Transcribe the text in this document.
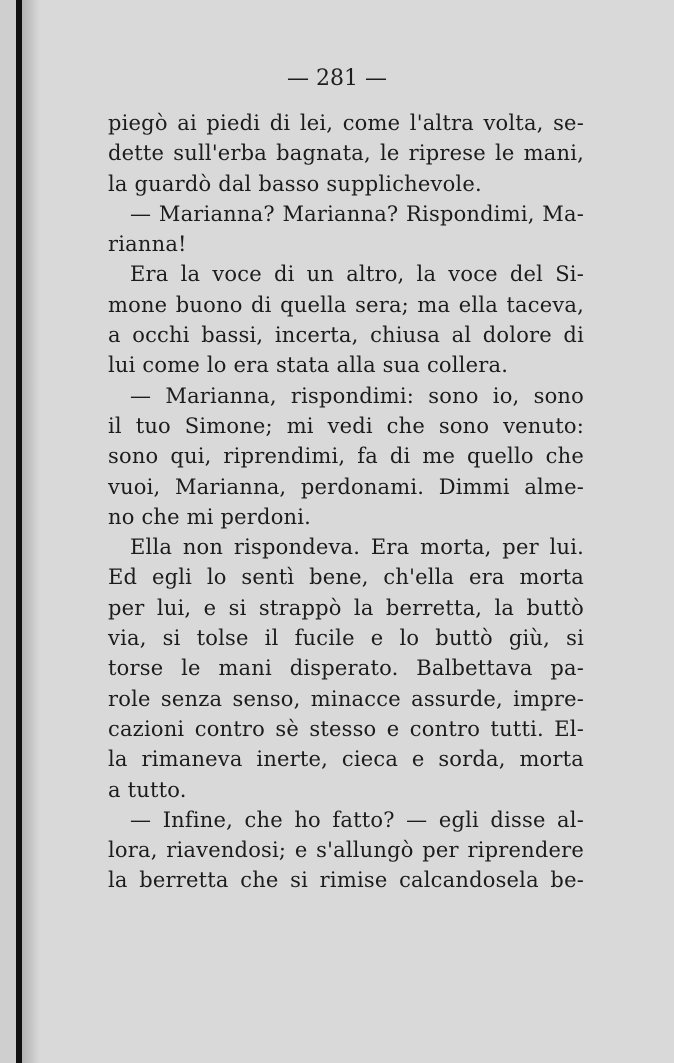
— 281 —
piegò ai piedi di lei, come l'altra volta, se-
dette sull'erba bagnata, le riprese le mani,
la guardò dal basso supplichevole.
— Marianna? Marianna? Rispondimi, Ma-
rianna!
Era la voce di un altro, la voce del Si-
mone buono di quella sera; ma ella taceva,
a occhi bassi, incerta, chiusa al dolore di
lui come lo era stata alla sua collera.
— Marianna, rispondimi: sono io, sono
il tuo Simone; mi vedi che sono venuto:
sono qui, riprendimi, fa di me quello che
vuoi, Marianna, perdonami. Dimmi almе-
no che mi perdoni.
Ella non rispondeva. Era morta, per lui.
Ed egli lo sentì bene, ch'ella era morta
per lui, e si strappò la berretta, la buttò
via, si tolse il fucile e lo buttò giù, si
torse le mani disperato. Balbettava pa-
role senza senso, minacce assurde, impre-
cazioni contro sè stesso e contro tutti. El-
la rimaneva inerte, cieca e sorda, morta
a tutto.
— Infine, che ho fatto? — egli disse al-
lora, riavendosi; e s'allungò per riprendere
la berretta che si rimise calcandosela be-
